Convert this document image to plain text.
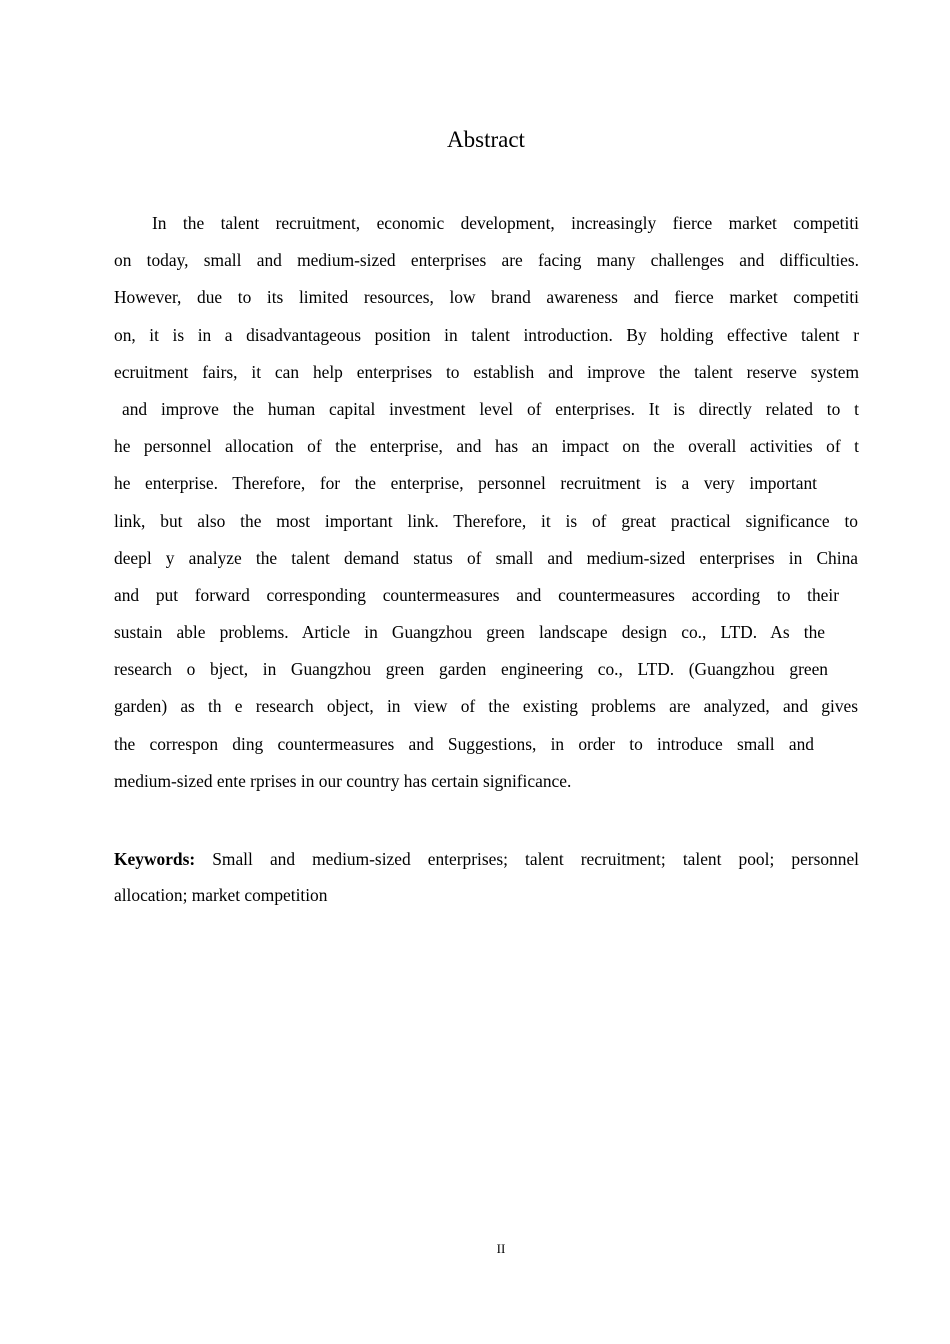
Abstract
In the talent recruitment, economic development, increasingly fierce market competiti
on today, small and medium-sized enterprises are facing many challenges and difficulties.
However, due to its limited resources, low brand awareness and fierce market competiti
on, it is in a disadvantageous position in talent introduction. By holding effective talent r
ecruitment fairs, it can help enterprises to establish and improve the talent reserve system
and improve the human capital investment level of enterprises. It is directly related to t
he personnel allocation of the enterprise, and has an impact on the overall activities of t
he enterprise. Therefore, for the enterprise, personnel recruitment is a very important
link, but also the most important link. Therefore, it is of great practical significance to
deepl y analyze the talent demand status of small and medium-sized enterprises in China
and put forward corresponding countermeasures and countermeasures according to their
sustain able problems. Article in Guangzhou green landscape design co., LTD. As the
research o bject, in Guangzhou green garden engineering co., LTD. (Guangzhou green
garden) as th e research object, in view of the existing problems are analyzed, and gives
the correspon ding countermeasures and Suggestions, in order to introduce small and
medium-sized ente rprises in our country has certain significance.
Keywords: Small and medium-sized enterprises; talent recruitment; talent pool; personnel
allocation; market competition
II
